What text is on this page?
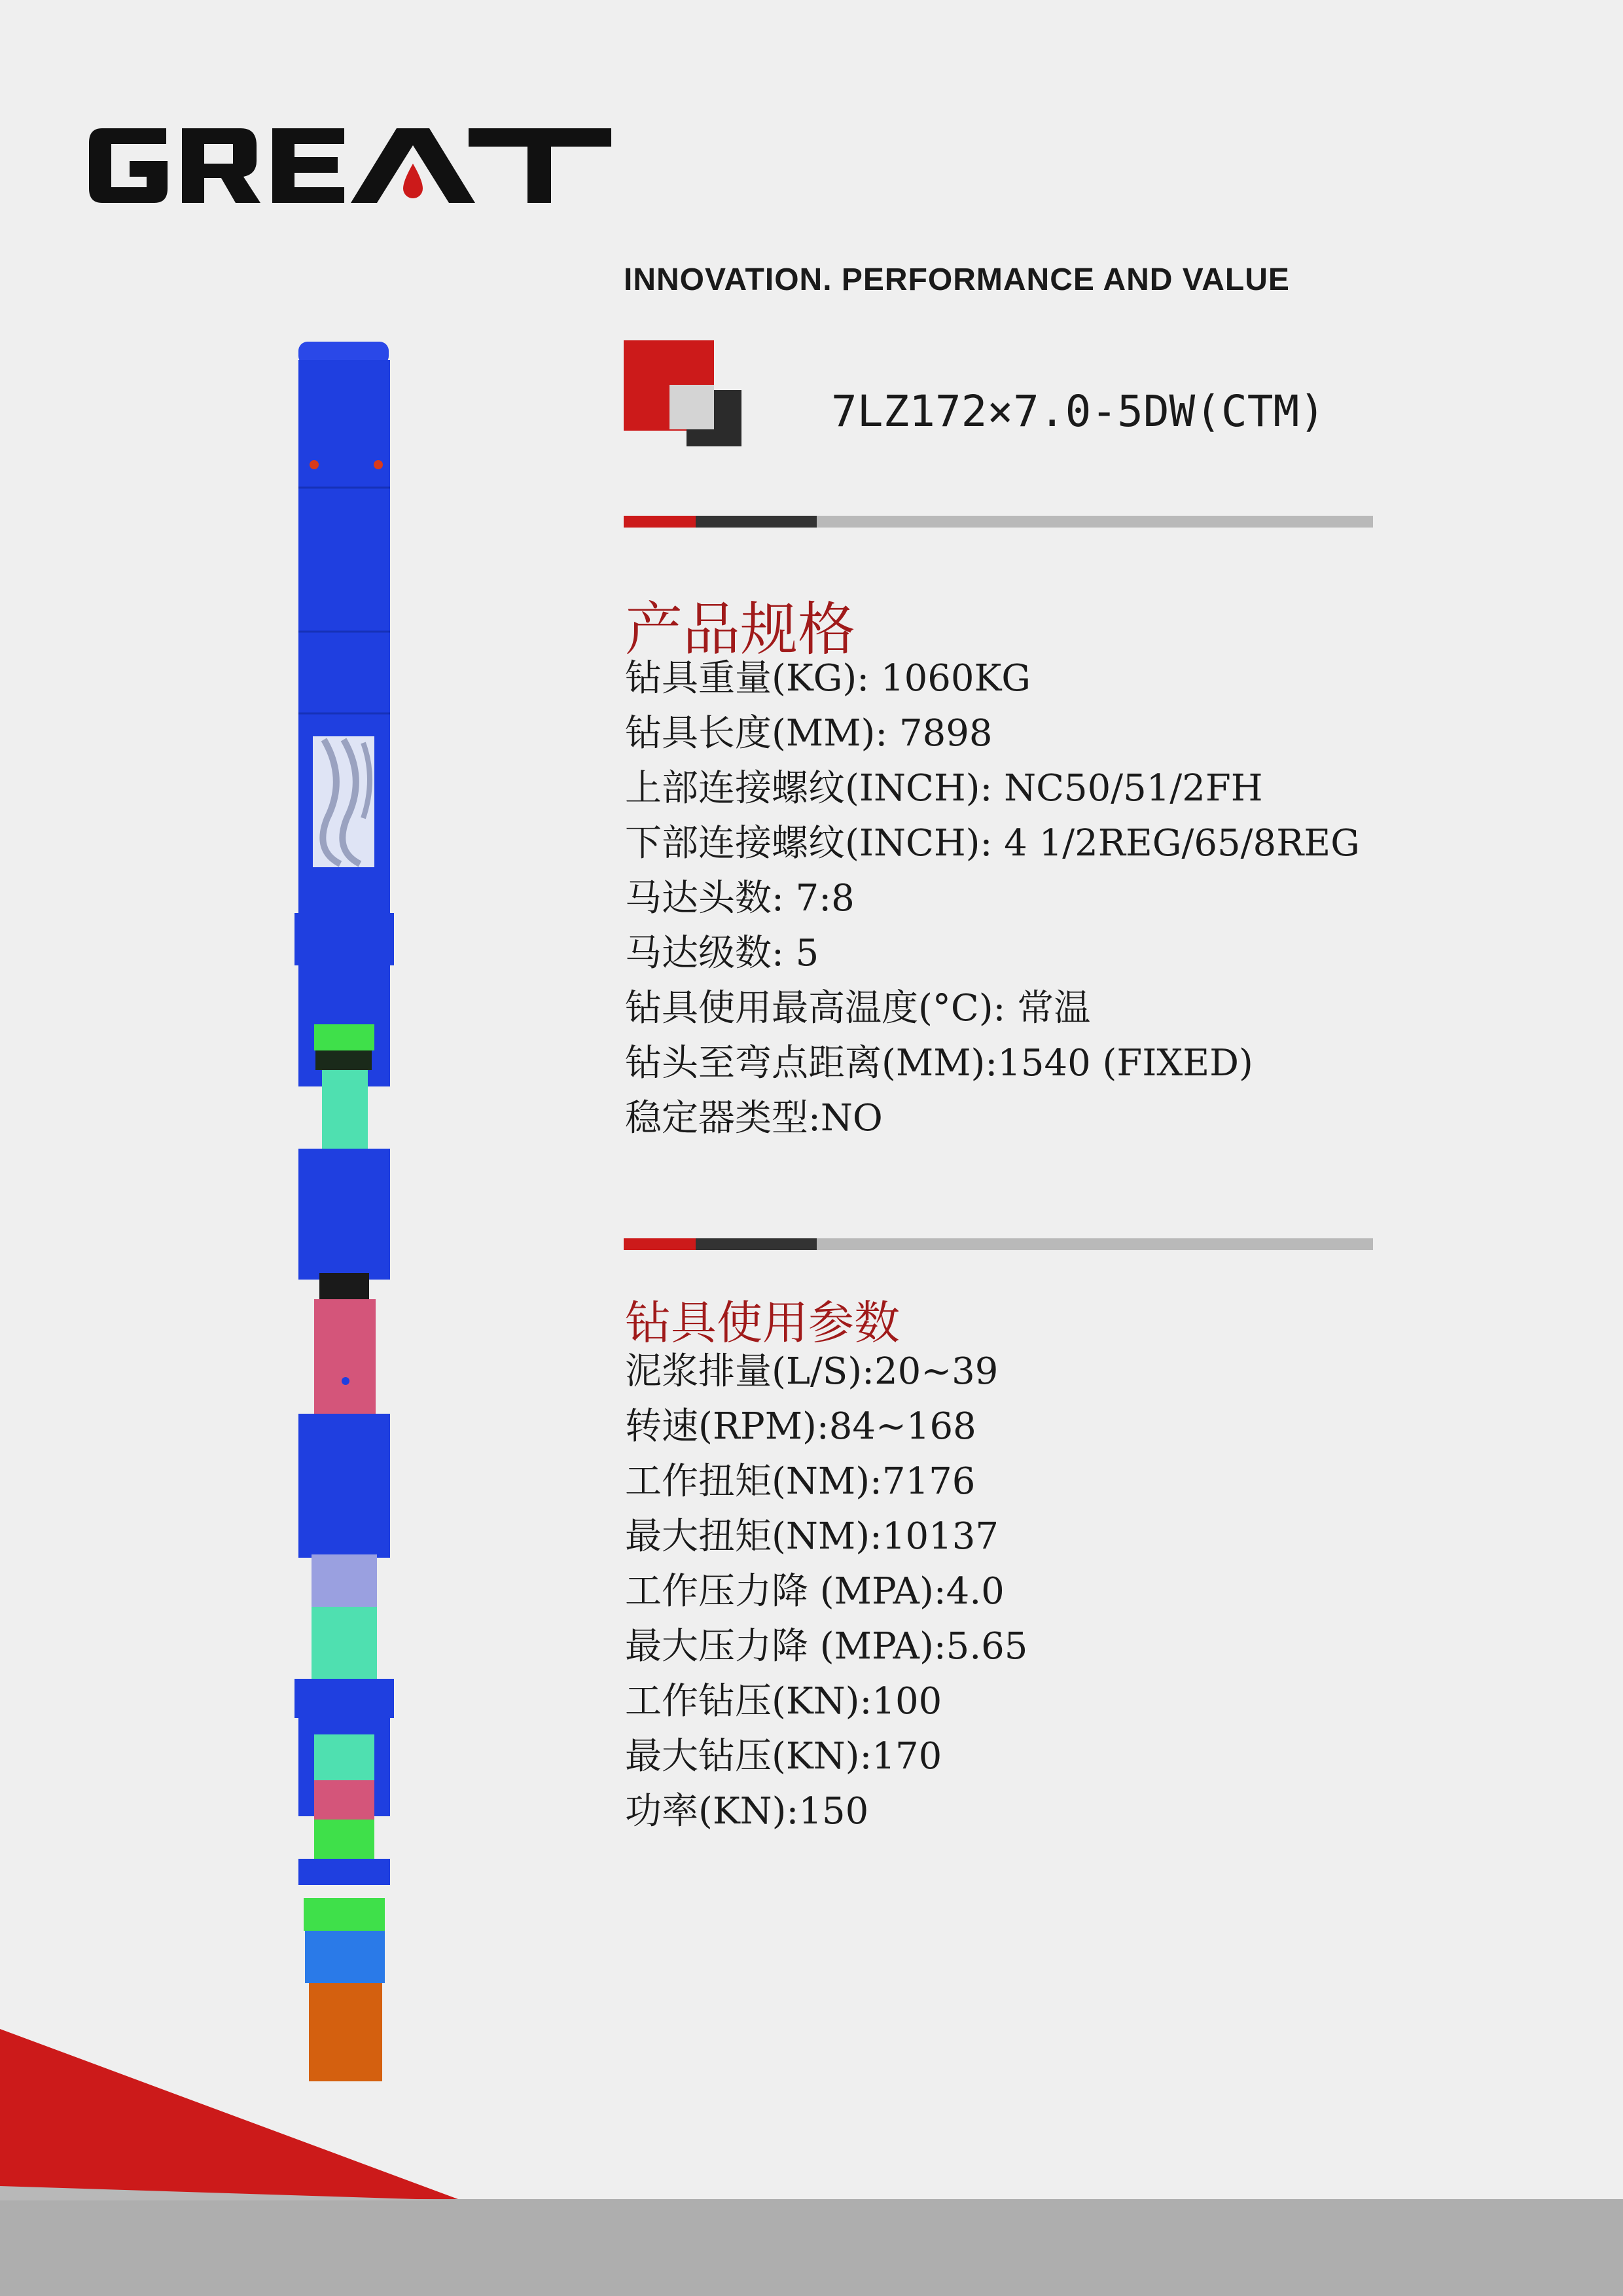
INNOVATION. PERFORMANCE AND VALUE
7LZ172×7.0-5DW(CTM)
产品规格
钻具重量(KG): 1060KG
钻具长度(MM): 7898
上部连接螺纹(INCH): NC50/51/2FH
下部连接螺纹(INCH): 4 1/2REG/65/8REG
马达头数: 7:8
马达级数: 5
钻具使用最高温度(°C): 常温
钻头至弯点距离(MM):1540 (FIXED)
稳定器类型:NO
钻具使用参数
泥浆排量(L/S):20~39
转速(RPM):84~168
工作扭矩(NM):7176
最大扭矩(NM):10137
工作压力降 (MPA):4.0
最大压力降 (MPA):5.65
工作钻压(KN):100
最大钻压(KN):170
功率(KN):150
